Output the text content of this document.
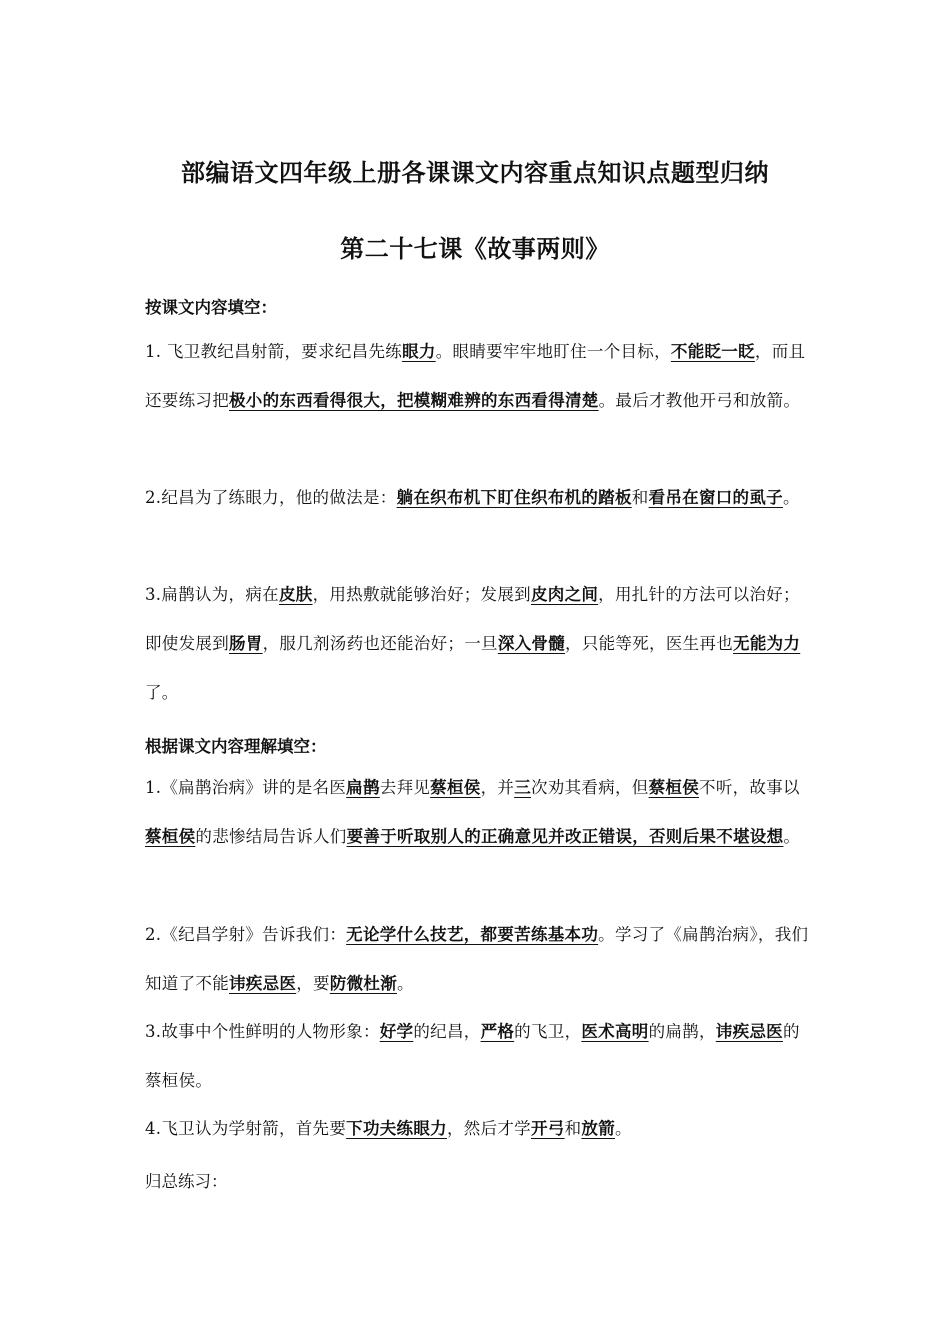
部编语文四年级上册各课课文内容重点知识点题型归纳
第二十七课《故事两则》
按课文内容填空：

1. 飞卫教纪昌射箭，要求纪昌先练眼力。眼睛要牢牢地盯住一个目标，不能眨一眨，而且还要练习把极小的东西看得很大，把模糊难辨的东西看得清楚。最后才教他开弓和放箭。

2.纪昌为了练眼力，他的做法是：躺在织布机下盯住织布机的踏板和看吊在窗口的虱子。

3.扁鹊认为，病在皮肤，用热敷就能够治好；发展到皮肉之间，用扎针的方法可以治好；即使发展到肠胃，服几剂汤药也还能治好；一旦深入骨髓，只能等死，医生再也无能为力了。

根据课文内容理解填空：

1.《扁鹊治病》讲的是名医扁鹊去拜见蔡桓侯，并三次劝其看病，但蔡桓侯不听，故事以蔡桓侯的悲惨结局告诉人们要善于听取别人的正确意见并改正错误，否则后果不堪设想。

2.《纪昌学射》告诉我们：无论学什么技艺，都要苦练基本功。学习了《扁鹊治病》，我们知道了不能讳疾忌医，要防微杜渐。

3.故事中个性鲜明的人物形象：好学的纪昌，严格的飞卫，医术高明的扁鹊，讳疾忌医的蔡桓侯。

4.飞卫认为学射箭，首先要下功夫练眼力，然后才学开弓和放箭。

归总练习：
